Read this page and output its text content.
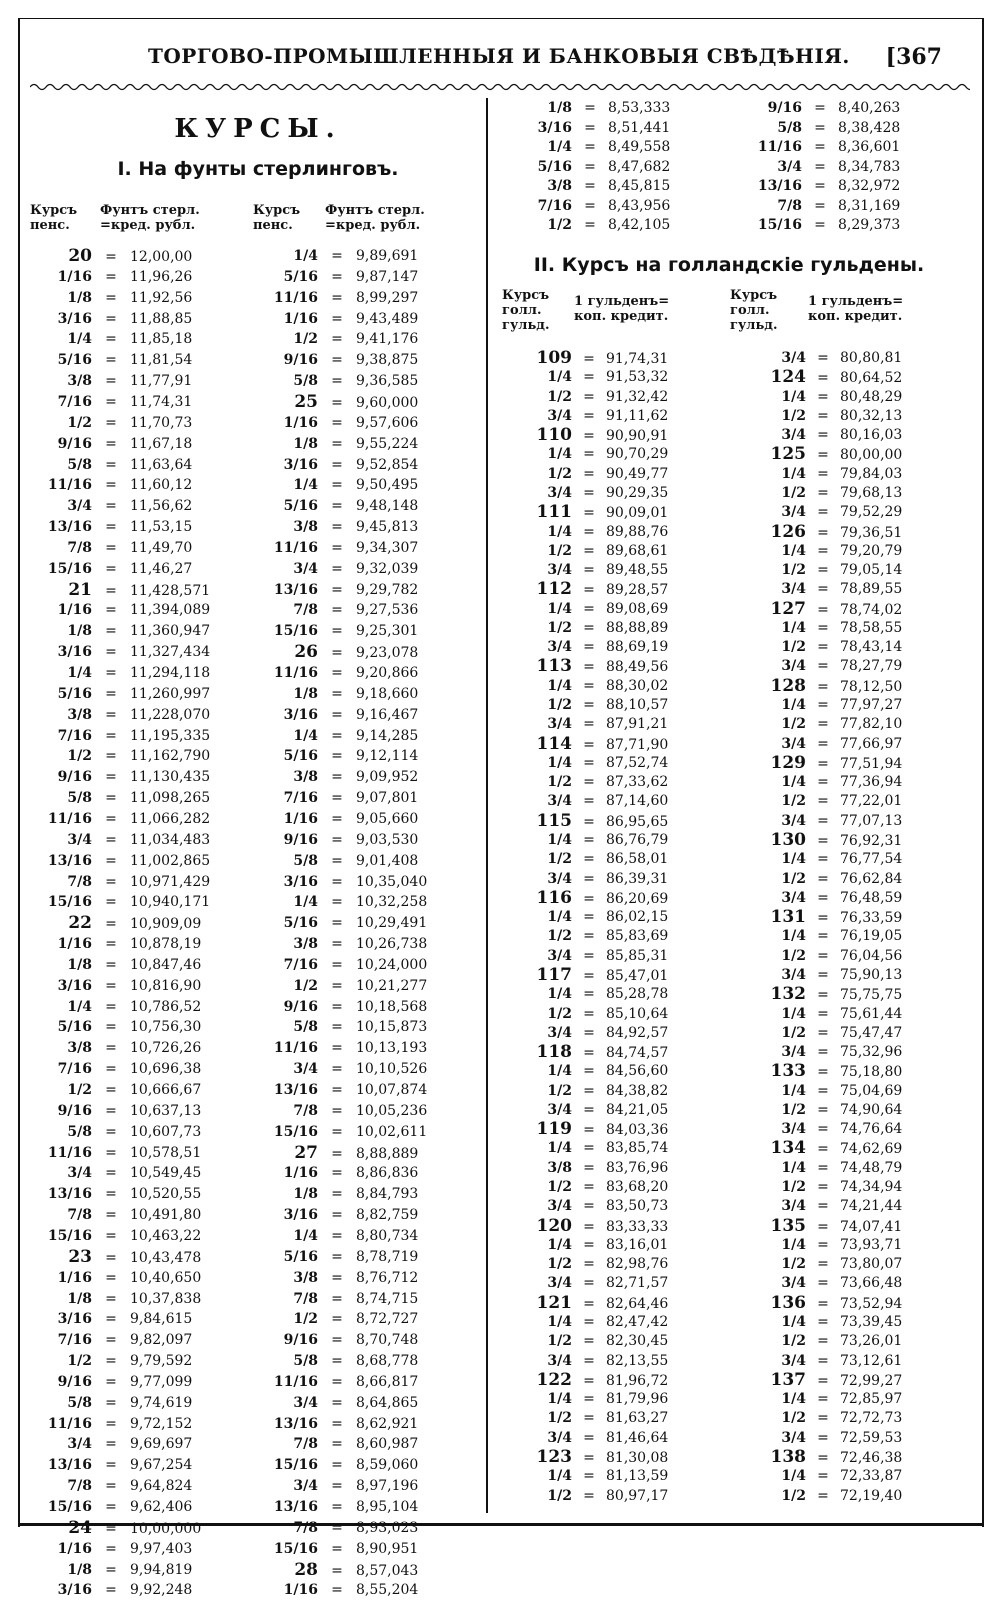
ТОРГОВО-ПРОМЫШЛЕННЫЯ И БАНКОВЫЯ СВѢДѢНІЯ. [367
КУРСЫ.
I. На фунты стерлинговъ.
Курсъ
пенс.
Фунтъ стерл.
=кред. рубл.
Курсъ
пенс.
Фунтъ стерл.
=кред. рубл.
II. Курсъ на голландскіе гульдены.
Курсъ
голл.
гульд.
1 гульденъ=
коп. кредит.
Курсъ
голл.
гульд.
1 гульденъ=
коп. кредит.
20 = 12,00,00
1/16 = 11,96,26
1/8 = 11,92,56
3/16 = 11,88,85
1/4 = 11,85,18
5/16 = 11,81,54
3/8 = 11,77,91
7/16 = 11,74,31
1/2 = 11,70,73
9/16 = 11,67,18
5/8 = 11,63,64
11/16 = 11,60,12
3/4 = 11,56,62
13/16 = 11,53,15
7/8 = 11,49,70
15/16 = 11,46,27
21 = 11,428,571
1/16 = 11,394,089
1/8 = 11,360,947
3/16 = 11,327,434
1/4 = 11,294,118
5/16 = 11,260,997
3/8 = 11,228,070
7/16 = 11,195,335
1/2 = 11,162,790
9/16 = 11,130,435
5/8 = 11,098,265
11/16 = 11,066,282
3/4 = 11,034,483
13/16 = 11,002,865
7/8 = 10,971,429
15/16 = 10,940,171
22 = 10,909,09
1/16 = 10,878,19
1/8 = 10,847,46
3/16 = 10,816,90
1/4 = 10,786,52
5/16 = 10,756,30
3/8 = 10,726,26
7/16 = 10,696,38
1/2 = 10,666,67
9/16 = 10,637,13
5/8 = 10,607,73
11/16 = 10,578,51
3/4 = 10,549,45
13/16 = 10,520,55
7/8 = 10,491,80
15/16 = 10,463,22
23 = 10,43,478
1/16 = 10,40,650
1/8 = 10,37,838
3/16 = 9,84,615
7/16 = 9,82,097
1/2 = 9,79,592
9/16 = 9,77,099
5/8 = 9,74,619
11/16 = 9,72,152
3/4 = 9,69,697
13/16 = 9,67,254
7/8 = 9,64,824
15/16 = 9,62,406
24 = 10,00,000
1/16 = 9,97,403
1/8 = 9,94,819
3/16 = 9,92,248
1/4 = 9,89,691
5/16 = 9,87,147
11/16 = 8,99,297
1/16 = 9,43,489
1/2 = 9,41,176
9/16 = 9,38,875
5/8 = 9,36,585
25 = 9,60,000
1/16 = 9,57,606
1/8 = 9,55,224
3/16 = 9,52,854
1/4 = 9,50,495
5/16 = 9,48,148
3/8 = 9,45,813
11/16 = 9,34,307
3/4 = 9,32,039
13/16 = 9,29,782
7/8 = 9,27,536
15/16 = 9,25,301
26 = 9,23,078
11/16 = 9,20,866
1/8 = 9,18,660
3/16 = 9,16,467
1/4 = 9,14,285
5/16 = 9,12,114
3/8 = 9,09,952
7/16 = 9,07,801
1/16 = 9,05,660
9/16 = 9,03,530
5/8 = 9,01,408
3/16 = 10,35,040
1/4 = 10,32,258
5/16 = 10,29,491
3/8 = 10,26,738
7/16 = 10,24,000
1/2 = 10,21,277
9/16 = 10,18,568
5/8 = 10,15,873
11/16 = 10,13,193
3/4 = 10,10,526
13/16 = 10,07,874
7/8 = 10,05,236
15/16 = 10,02,611
27 = 8,88,889
1/16 = 8,86,836
1/8 = 8,84,793
3/16 = 8,82,759
1/4 = 8,80,734
5/16 = 8,78,719
3/8 = 8,76,712
7/8 = 8,74,715
1/2 = 8,72,727
9/16 = 8,70,748
5/8 = 8,68,778
11/16 = 8,66,817
3/4 = 8,64,865
13/16 = 8,62,921
7/8 = 8,60,987
15/16 = 8,59,060
3/4 = 8,97,196
13/16 = 8,95,104
7/8 = 8,93,023
15/16 = 8,90,951
28 = 8,57,043
1/16 = 8,55,204
1/8 = 8,53,333
3/16 = 8,51,441
1/4 = 8,49,558
5/16 = 8,47,682
3/8 = 8,45,815
7/16 = 8,43,956
1/2 = 8,42,105
9/16 = 8,40,263
5/8 = 8,38,428
11/16 = 8,36,601
3/4 = 8,34,783
13/16 = 8,32,972
7/8 = 8,31,169
15/16 = 8,29,373
109 = 91,74,31
1/4 = 91,53,32
1/2 = 91,32,42
3/4 = 91,11,62
110 = 90,90,91
1/4 = 90,70,29
1/2 = 90,49,77
3/4 = 90,29,35
111 = 90,09,01
1/4 = 89,88,76
1/2 = 89,68,61
3/4 = 89,48,55
112 = 89,28,57
1/4 = 89,08,69
1/2 = 88,88,89
3/4 = 88,69,19
113 = 88,49,56
1/4 = 88,30,02
1/2 = 88,10,57
3/4 = 87,91,21
114 = 87,71,90
1/4 = 87,52,74
1/2 = 87,33,62
3/4 = 87,14,60
115 = 86,95,65
1/4 = 86,76,79
1/2 = 86,58,01
3/4 = 86,39,31
116 = 86,20,69
1/4 = 86,02,15
1/2 = 85,83,69
3/4 = 85,85,31
117 = 85,47,01
1/4 = 85,28,78
1/2 = 85,10,64
3/4 = 84,92,57
118 = 84,74,57
1/4 = 84,56,60
1/2 = 84,38,82
3/4 = 84,21,05
119 = 84,03,36
1/4 = 83,85,74
3/8 = 83,76,96
1/2 = 83,68,20
3/4 = 83,50,73
120 = 83,33,33
1/4 = 83,16,01
1/2 = 82,98,76
3/4 = 82,71,57
121 = 82,64,46
1/4 = 82,47,42
1/2 = 82,30,45
3/4 = 82,13,55
122 = 81,96,72
1/4 = 81,79,96
1/2 = 81,63,27
3/4 = 81,46,64
123 = 81,30,08
1/4 = 81,13,59
1/2 = 80,97,17
3/4 = 80,80,81
124 = 80,64,52
1/4 = 80,48,29
1/2 = 80,32,13
3/4 = 80,16,03
125 = 80,00,00
1/4 = 79,84,03
1/2 = 79,68,13
3/4 = 79,52,29
126 = 79,36,51
1/4 = 79,20,79
1/2 = 79,05,14
3/4 = 78,89,55
127 = 78,74,02
1/4 = 78,58,55
1/2 = 78,43,14
3/4 = 78,27,79
128 = 78,12,50
1/4 = 77,97,27
1/2 = 77,82,10
3/4 = 77,66,97
129 = 77,51,94
1/4 = 77,36,94
1/2 = 77,22,01
3/4 = 77,07,13
130 = 76,92,31
1/4 = 76,77,54
1/2 = 76,62,84
3/4 = 76,48,59
131 = 76,33,59
1/4 = 76,19,05
1/2 = 76,04,56
3/4 = 75,90,13
132 = 75,75,75
1/4 = 75,61,44
1/2 = 75,47,47
3/4 = 75,32,96
133 = 75,18,80
1/4 = 75,04,69
1/2 = 74,90,64
3/4 = 74,76,64
134 = 74,62,69
1/4 = 74,48,79
1/2 = 74,34,94
3/4 = 74,21,44
135 = 74,07,41
1/4 = 73,93,71
1/2 = 73,80,07
3/4 = 73,66,48
136 = 73,52,94
1/4 = 73,39,45
1/2 = 73,26,01
3/4 = 73,12,61
137 = 72,99,27
1/4 = 72,85,97
1/2 = 72,72,73
3/4 = 72,59,53
138 = 72,46,38
1/4 = 72,33,87
1/2 = 72,19,40
